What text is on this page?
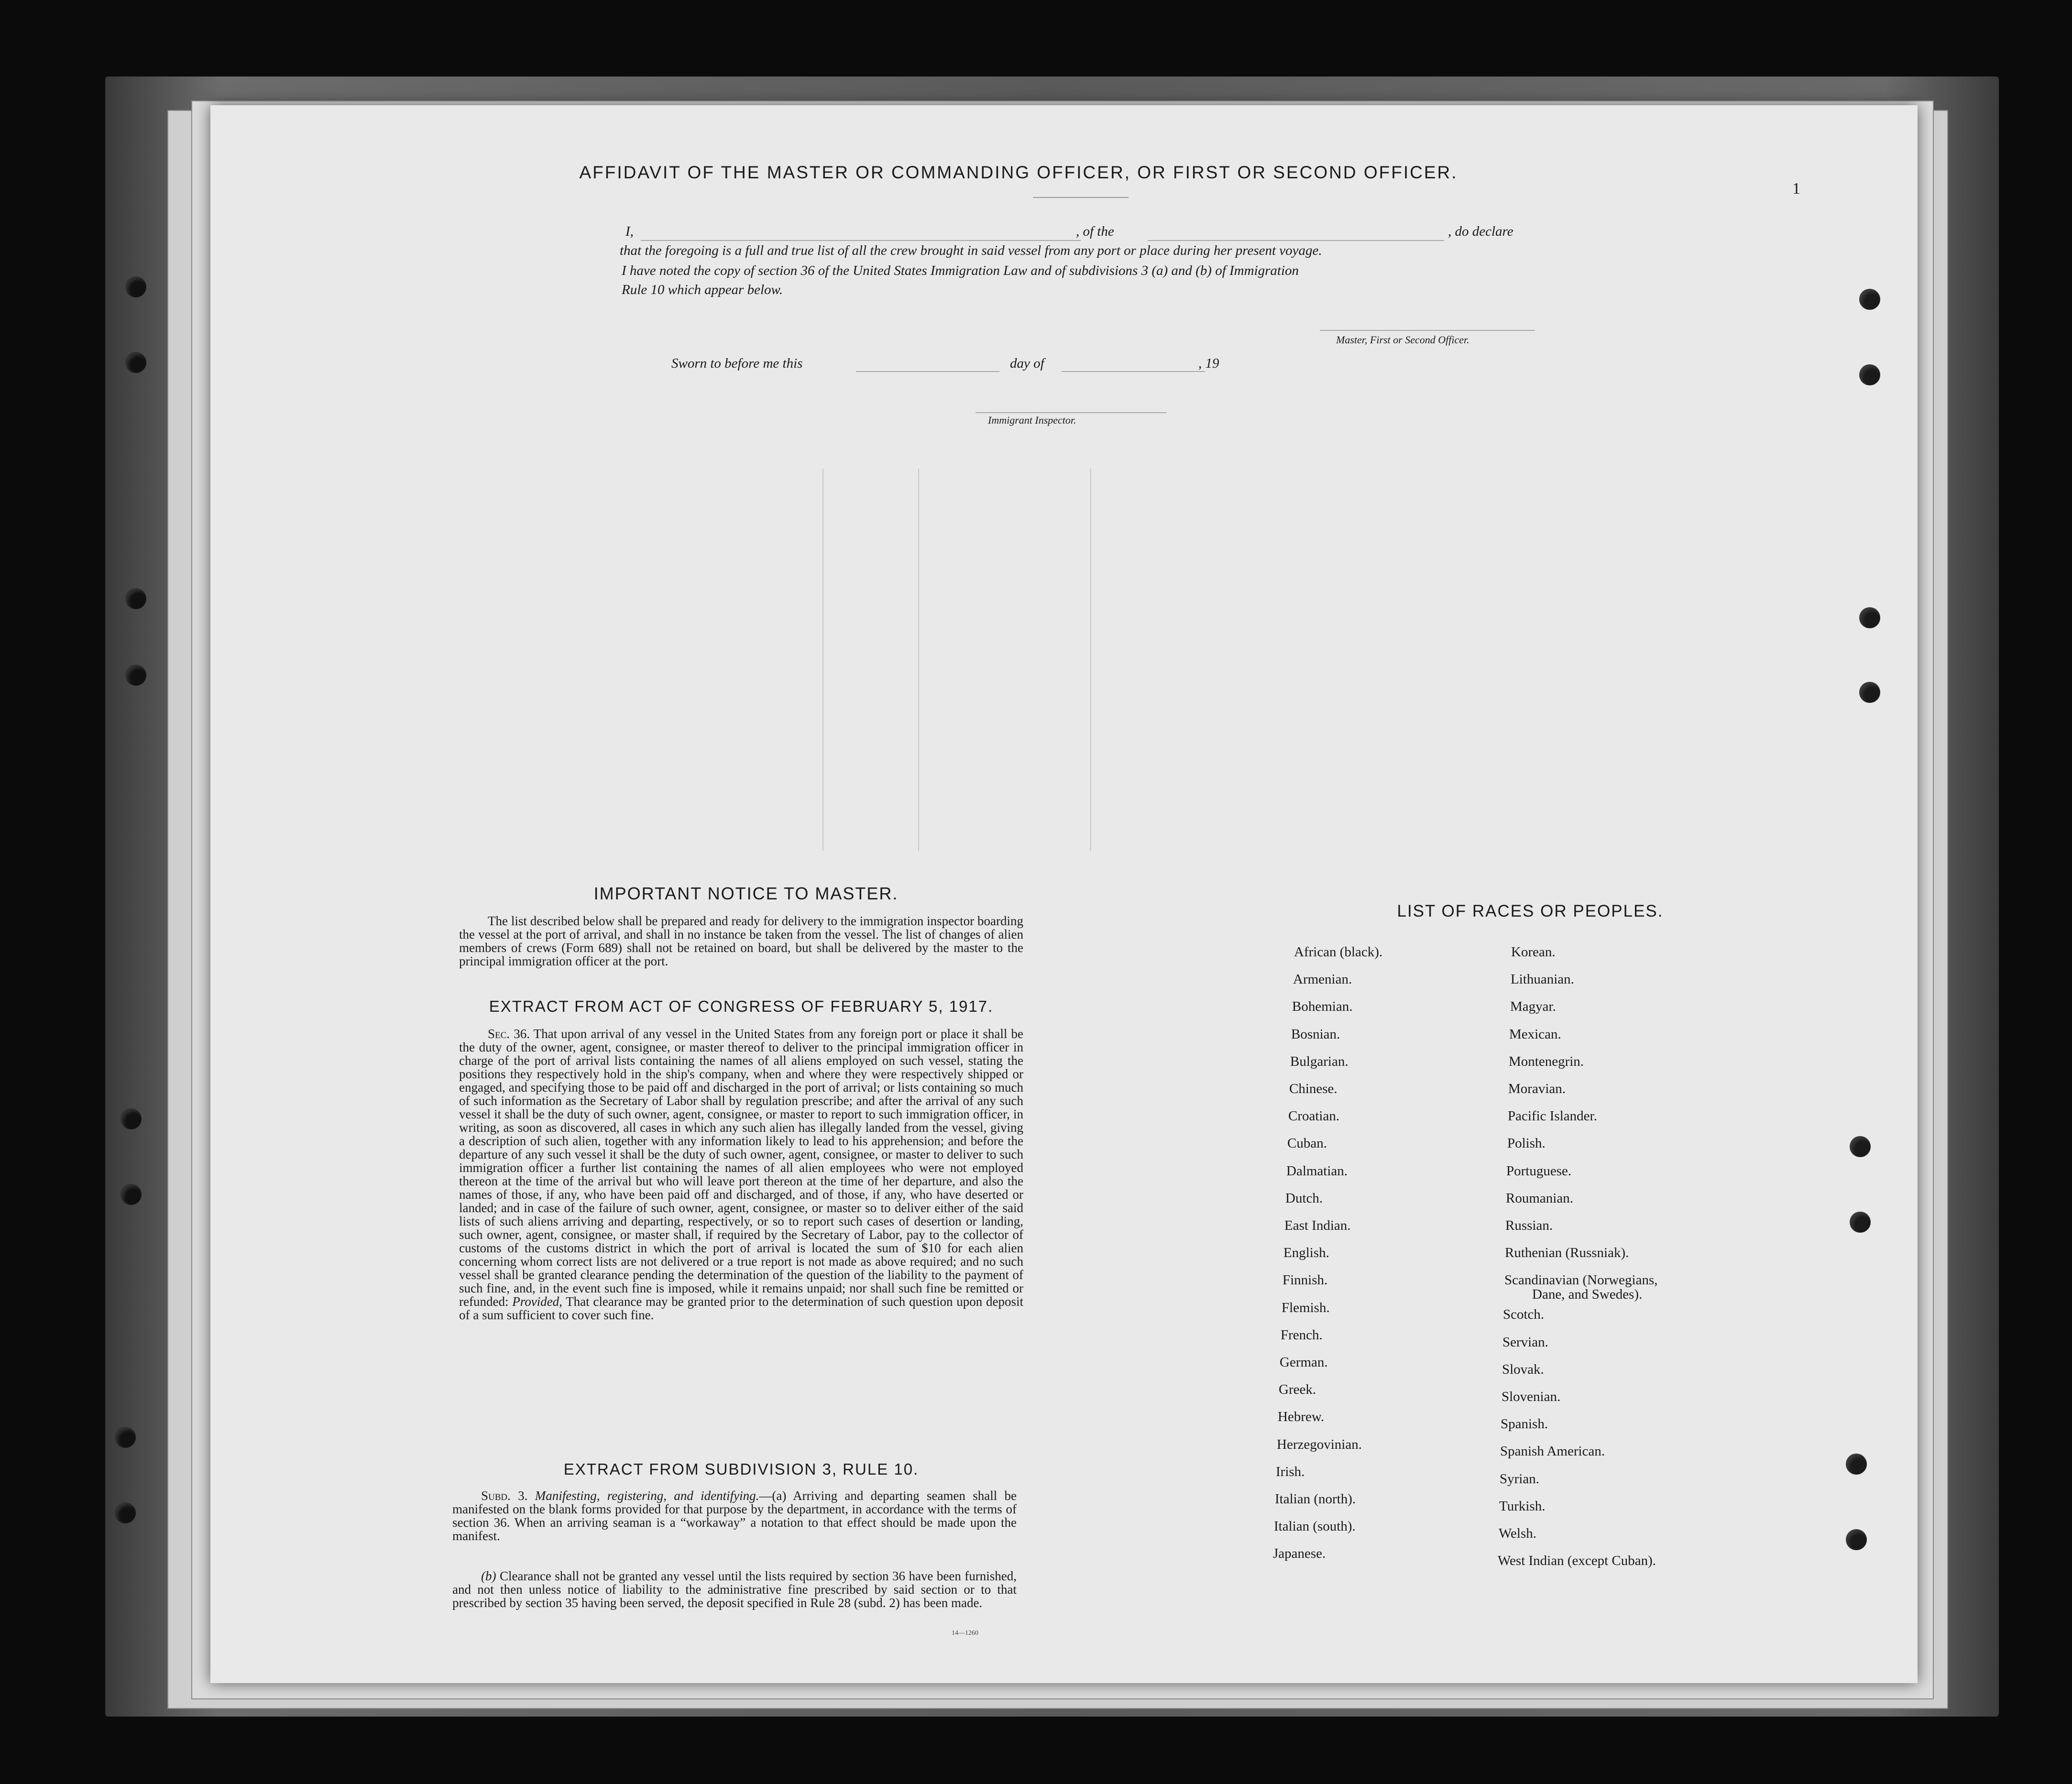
1
AFFIDAVIT OF THE MASTER OR COMMANDING OFFICER, OR FIRST OR SECOND OFFICER.
I,	, of the	, do declare
that the foregoing is a full and true list of all the crew brought in said vessel from any port or place during her present voyage.
I have noted the copy of section 36 of the United States Immigration Law and of subdivisions 3 (a) and (b) of Immigration
Rule 10 which appear below.
Master, First or Second Officer.
Sworn to before me this	day of	, 19
Immigrant Inspector.
IMPORTANT NOTICE TO MASTER.
The list described below shall be prepared and ready for delivery to the immigration inspector boarding the vessel at the port of arrival, and shall in no instance be taken from the vessel. The list of changes of alien members of crews (Form 689) shall not be retained on board, but shall be delivered by the master to the principal immigration officer at the port.
EXTRACT FROM ACT OF CONGRESS OF FEBRUARY 5, 1917.
Sec. 36. That upon arrival of any vessel in the United States from any foreign port or place it shall be the duty of the owner, agent, consignee, or master thereof to deliver to the principal immigration officer in charge of the port of arrival lists containing the names of all aliens employed on such vessel, stating the positions they respectively hold in the ship's company, when and where they were respectively shipped or engaged, and specifying those to be paid off and discharged in the port of arrival; or lists containing so much of such information as the Secretary of Labor shall by regulation prescribe; and after the arrival of any such vessel it shall be the duty of such owner, agent, consignee, or master to report to such immigration officer, in writing, as soon as discovered, all cases in which any such alien has illegally landed from the vessel, giving a description of such alien, together with any information likely to lead to his apprehension; and before the departure of any such vessel it shall be the duty of such owner, agent, consignee, or master to deliver to such immigration officer a further list containing the names of all alien employees who were not employed thereon at the time of the arrival but who will leave port thereon at the time of her departure, and also the names of those, if any, who have been paid off and discharged, and of those, if any, who have deserted or landed; and in case of the failure of such owner, agent, consignee, or master so to deliver either of the said lists of such aliens arriving and departing, respectively, or so to report such cases of desertion or landing, such owner, agent, consignee, or master shall, if required by the Secretary of Labor, pay to the collector of customs of the customs district in which the port of arrival is located the sum of $10 for each alien concerning whom correct lists are not delivered or a true report is not made as above required; and no such vessel shall be granted clearance pending the determination of the question of the liability to the payment of such fine, and, in the event such fine is imposed, while it remains unpaid; nor shall such fine be remitted or refunded: Provided, That clearance may be granted prior to the determination of such question upon deposit of a sum sufficient to cover such fine.
EXTRACT FROM SUBDIVISION 3, RULE 10.
Subd. 3. Manifesting, registering, and identifying.—(a) Arriving and departing seamen shall be manifested on the blank forms provided for that purpose by the department, in accordance with the terms of section 36. When an arriving seaman is a “workaway” a notation to that effect should be made upon the manifest.
(b) Clearance shall not be granted any vessel until the lists required by section 36 have been furnished, and not then unless notice of liability to the administrative fine prescribed by said section or to that prescribed by section 35 having been served, the deposit specified in Rule 28 (subd. 2) has been made.
14—1260
LIST OF RACES OR PEOPLES.
African (black).
Armenian.
Bohemian.
Bosnian.
Bulgarian.
Chinese.
Croatian.
Cuban.
Dalmatian.
Dutch.
East Indian.
English.
Finnish.
Flemish.
French.
German.
Greek.
Hebrew.
Herzegovinian.
Irish.
Italian (north).
Italian (south).
Japanese.
Korean.
Lithuanian.
Magyar.
Mexican.
Montenegrin.
Moravian.
Pacific Islander.
Polish.
Portuguese.
Roumanian.
Russian.
Ruthenian (Russniak).
Scandinavian (Norwegians,
Dane, and Swedes).
Scotch.
Servian.
Slovak.
Slovenian.
Spanish.
Spanish American.
Syrian.
Turkish.
Welsh.
West Indian (except Cuban).
